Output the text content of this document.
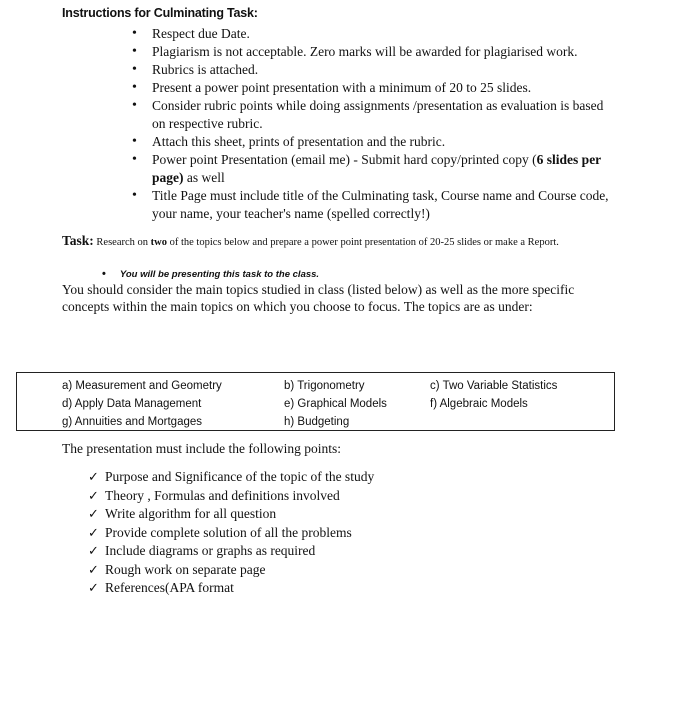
Instructions for Culminating Task:
• Respect due Date.
• Plagiarism is not acceptable. Zero marks will be awarded for plagiarised work.
• Rubrics is attached.
• Present a power point presentation with a minimum of 20 to 25 slides.
• Consider rubric points while doing assignments /presentation as evaluation is based on respective rubric.
• Attach this sheet, prints of presentation and the rubric.
• Power point Presentation (email me) - Submit hard copy/printed copy (6 slides per page) as well
• Title Page must include title of the Culminating task, Course name and Course code, your name, your teacher's name (spelled correctly!)
Task: Research on two of the topics below and prepare a power point presentation of 20-25 slides or make a Report.
• You will be presenting this task to the class.
You should consider the main topics studied in class (listed below) as well as the more specific concepts within the main topics on which you choose to focus. The topics are as under:
a) Measurement and Geometry	b) Trigonometry	c) Two Variable Statistics
d) Apply Data Management	e) Graphical Models	f) Algebraic Models
g) Annuities and Mortgages	h) Budgeting
The presentation must include the following points:
✓ Purpose and Significance of the topic of the study
✓ Theory , Formulas and definitions involved
✓ Write algorithm for all question
✓ Provide complete solution of all the problems
✓ Include diagrams or graphs as required
✓ Rough work on separate page
✓ References(APA format
